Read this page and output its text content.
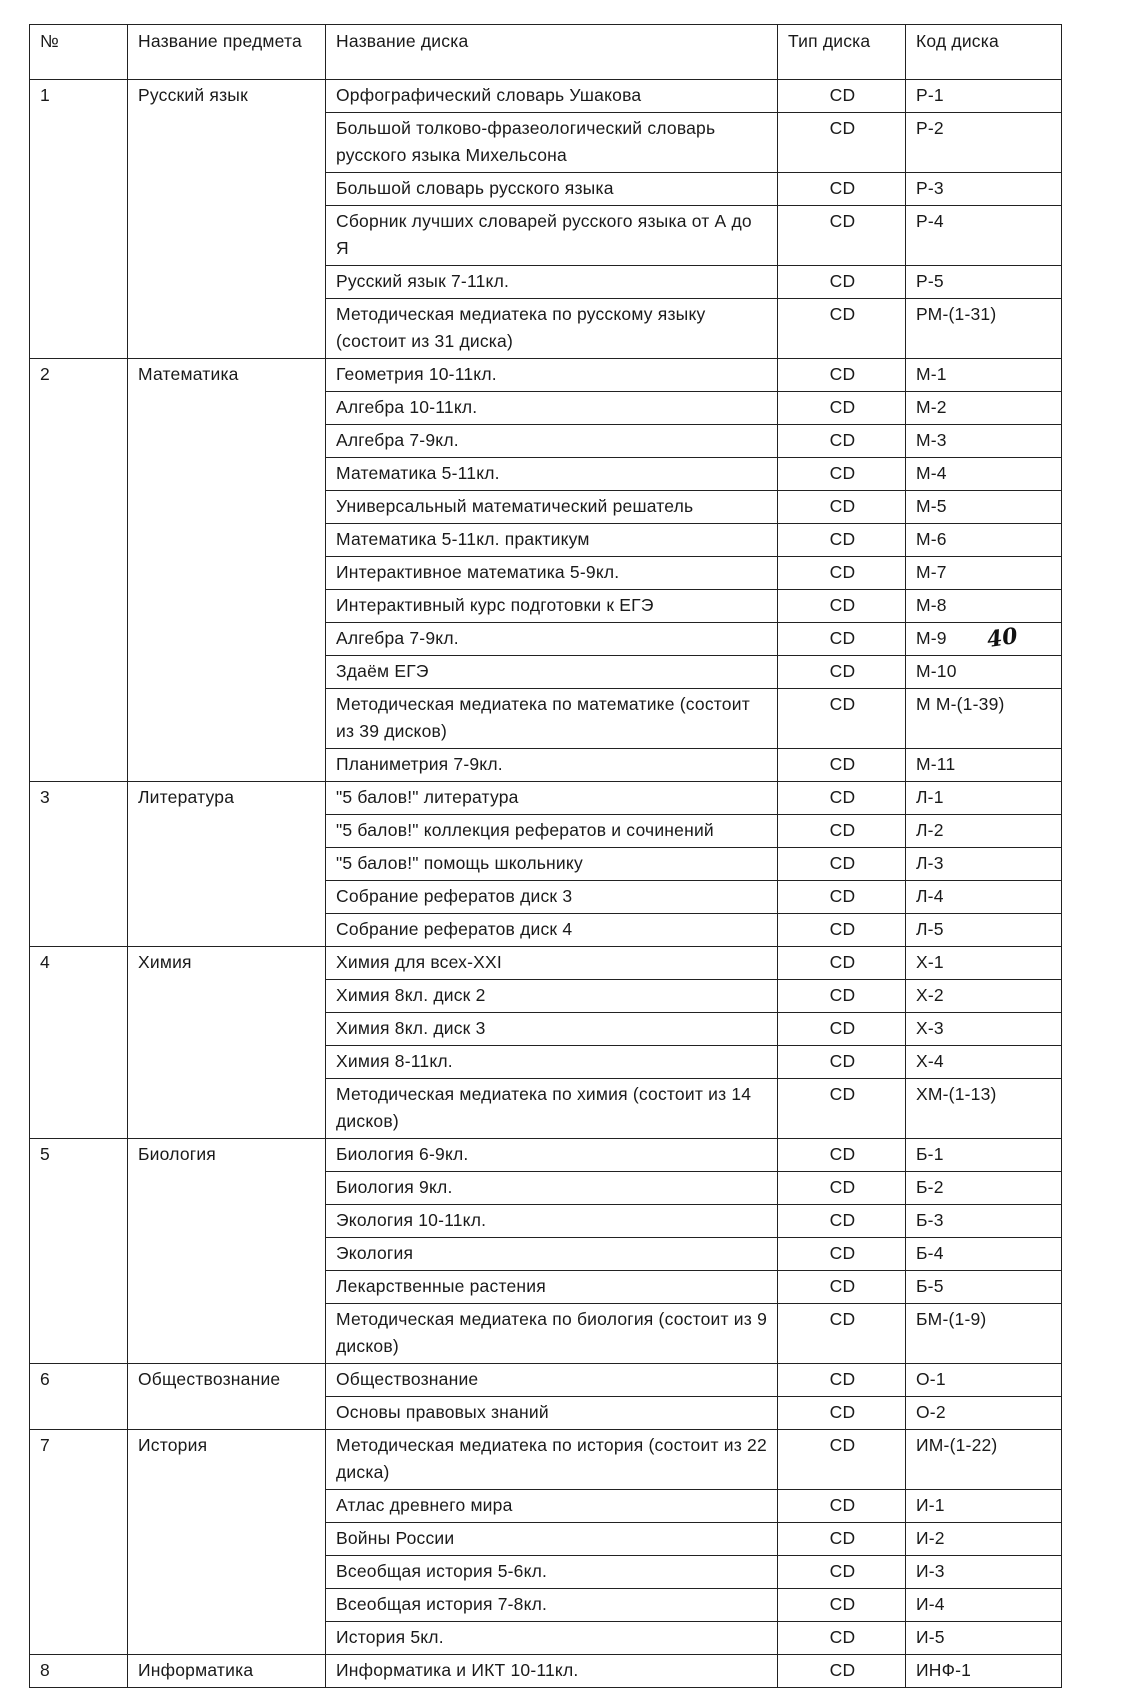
№	Название предмета	Название диска	Тип диска	Код диска
1	Русский язык	Орфографический словарь Ушакова	CD	Р-1
		Большой толково-фразеологический словарь русского языка Михельсона	CD	Р-2
		Большой словарь русского языка	CD	Р-3
		Сборник лучших словарей русского языка от А до Я	CD	Р-4
		Русский язык 7-11кл.	CD	Р-5
		Методическая медиатека по русскому языку (состоит из 31 диска)	CD	РМ-(1-31)
2	Математика	Геометрия 10-11кл.	CD	М-1
		Алгебра 10-11кл.	CD	М-2
		Алгебра 7-9кл.	CD	М-3
		Математика 5-11кл.	CD	М-4
		Универсальный математический решатель	CD	М-5
		Математика 5-11кл. практикум	CD	М-6
		Интерактивное математика 5-9кл.	CD	М-7
		Интерактивный курс подготовки к ЕГЭ	CD	М-8
		Алгебра 7-9кл.	CD	М-9
		Здаём ЕГЭ	CD	М-10
		Методическая медиатека по математике (состоит из 39 дисков)	CD	М М-(1-39)
		Планиметрия 7-9кл.	CD	М-11
3	Литература	"5 балов!" литература	CD	Л-1
		"5 балов!" коллекция рефератов и сочинений	CD	Л-2
		"5 балов!" помощь школьнику	CD	Л-3
		Собрание рефератов диск 3	CD	Л-4
		Собрание рефератов диск 4	CD	Л-5
4	Химия	Химия для всех-XXI	CD	Х-1
		Химия 8кл. диск 2	CD	Х-2
		Химия 8кл. диск 3	CD	Х-3
		Химия 8-11кл.	CD	Х-4
		Методическая медиатека по химия (состоит из 14 дисков)	CD	ХМ-(1-13)
5	Биология	Биология 6-9кл.	CD	Б-1
		Биология 9кл.	CD	Б-2
		Экология 10-11кл.	CD	Б-3
		Экология	CD	Б-4
		Лекарственные растения	CD	Б-5
		Методическая медиатека по биология (состоит из 9 дисков)	CD	БМ-(1-9)
6	Обществознание	Обществознание	CD	О-1
		Основы правовых знаний	CD	О-2
7	История	Методическая медиатека по история (состоит из 22 диска)	CD	ИМ-(1-22)
		Атлас древнего мира	CD	И-1
		Войны России	CD	И-2
		Всеобщая история 5-6кл.	CD	И-3
		Всеобщая история 7-8кл.	CD	И-4
		История 5кл.	CD	И-5
8	Информатика	Информатика и ИКТ 10-11кл.	CD	ИНФ-1
40
